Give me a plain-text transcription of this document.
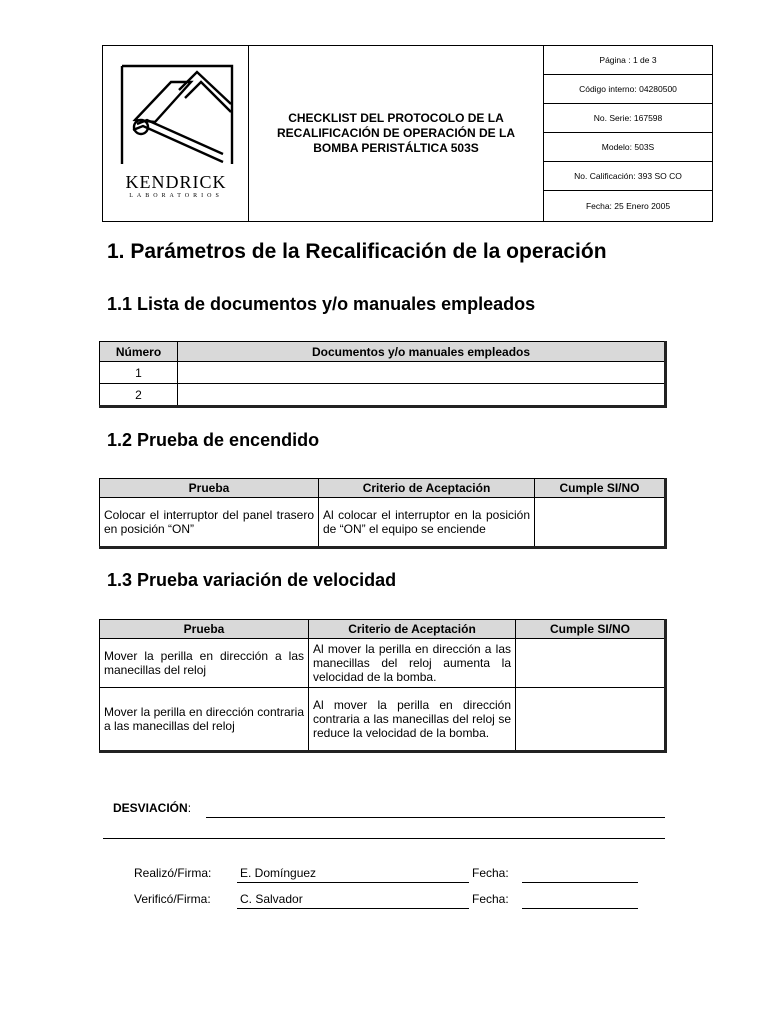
KENDRICK
LABORATORIOS
CHECKLIST DEL PROTOCOLO DE LA RECALIFICACIÓN DE OPERACIÓN DE LA BOMBA PERISTÁLTICA 503S
Página : 1 de 3
Código interno: 04280500
No. Serie: 167598
Modelo: 503S
No. Calificación: 393 SO CO
Fecha: 25 Enero 2005
1. Parámetros de la Recalificación de la operación
1.1 Lista de documentos y/o manuales empleados
Número	Documentos y/o manuales empleados
1	
2	
1.2 Prueba de encendido
Prueba	Criterio de Aceptación	Cumple SI/NO
Colocar el interruptor del panel trasero en posición “ON”	Al colocar el interruptor en la posición de “ON” el equipo se enciende	
1.3 Prueba variación de velocidad
Prueba	Criterio de Aceptación	Cumple SI/NO
Mover la perilla en dirección a las manecillas del reloj	Al mover la perilla en dirección a las manecillas del reloj aumenta la velocidad de la bomba.	
Mover la perilla en dirección contraria a las manecillas del reloj	Al mover la perilla en dirección contraria a las manecillas del reloj se reduce la velocidad de la bomba.	
DESVIACIÓN:
Realizó/Firma: E. Domínguez	Fecha:
Verificó/Firma: C. Salvador	Fecha:
